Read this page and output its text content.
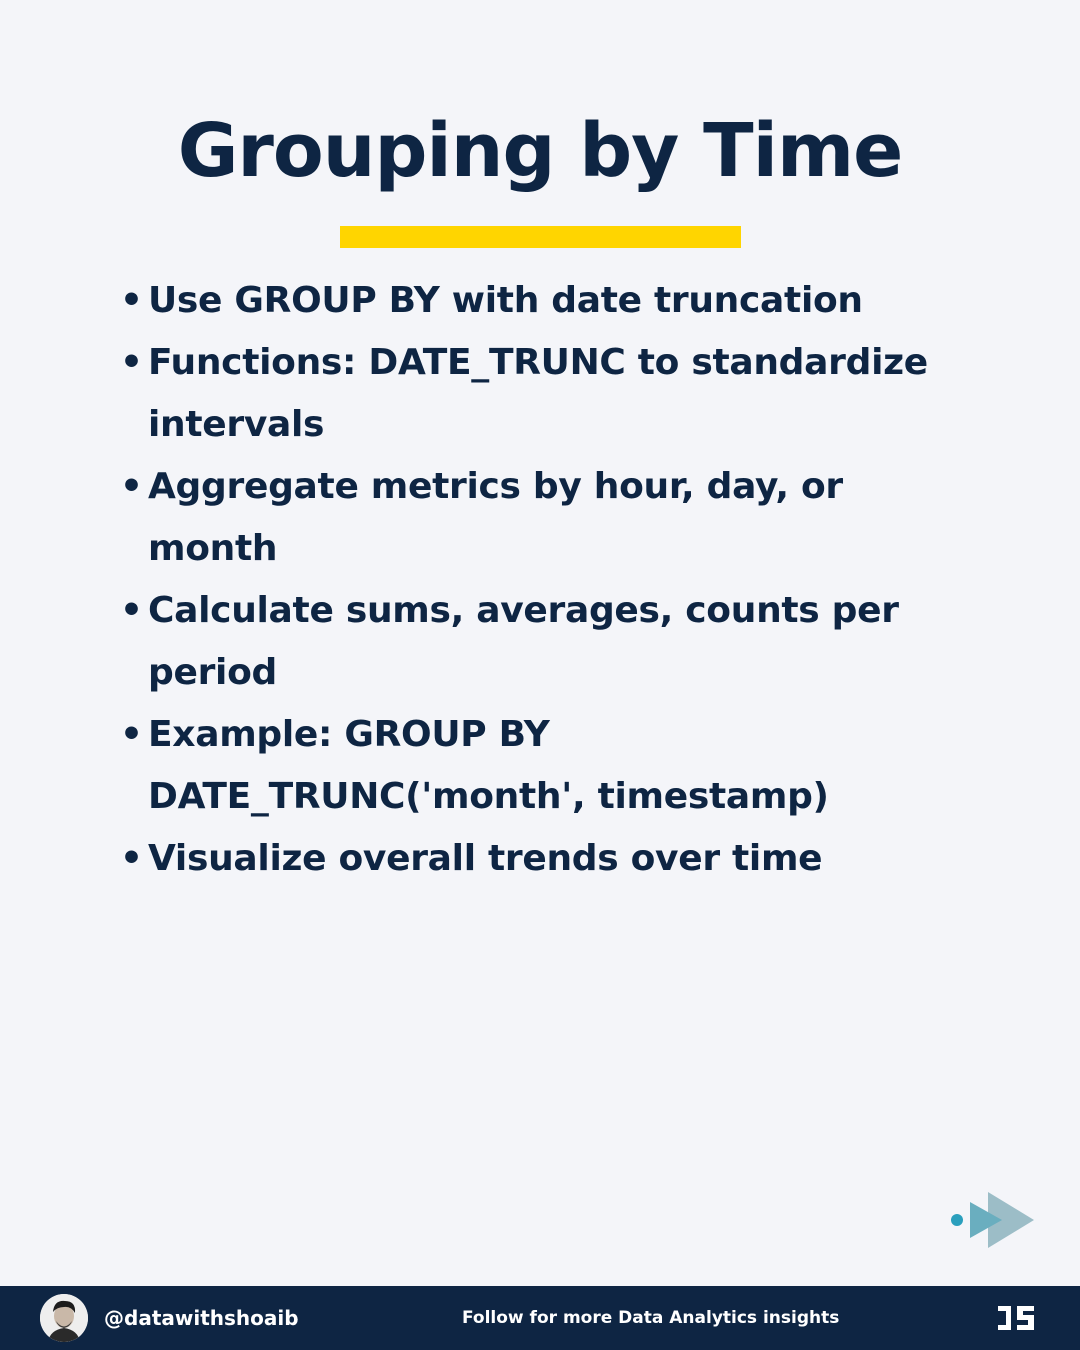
Grouping by Time
• Use GROUP BY with date truncation
• Functions: DATE_TRUNC to standardize intervals
• Aggregate metrics by hour, day, or month
• Calculate sums, averages, counts per period
• Example: GROUP BY DATE_TRUNC('month', timestamp)
• Visualize overall trends over time
@datawithshoaib	Follow for more Data Analytics insights
